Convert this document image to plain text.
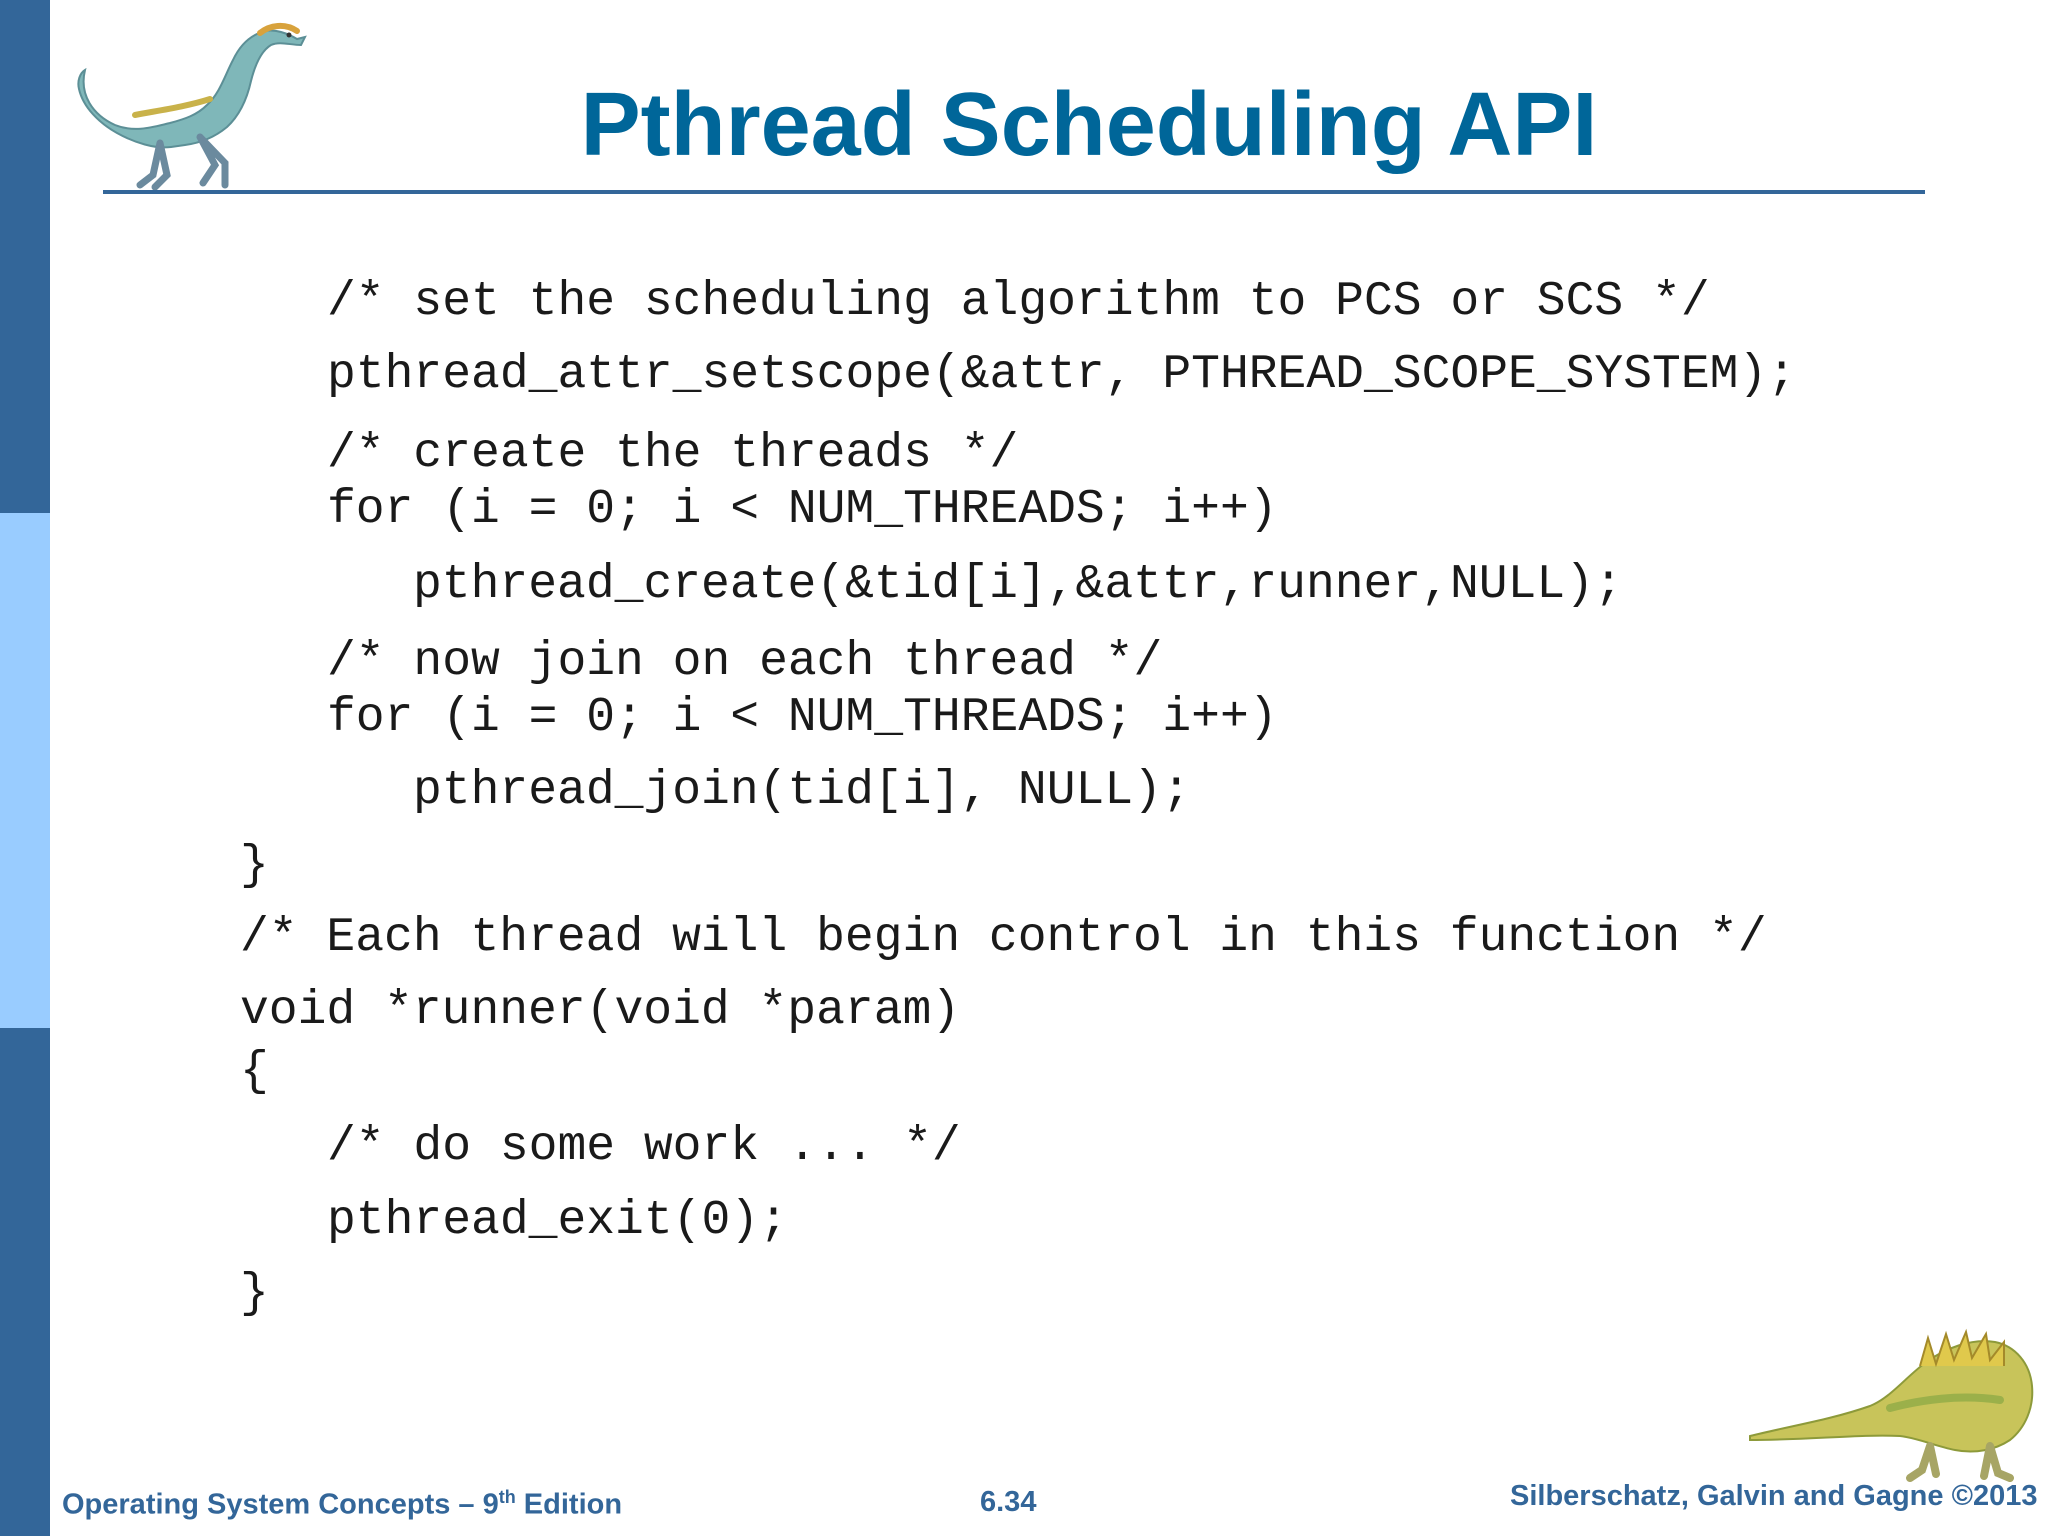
Pthread Scheduling API
/* set the scheduling algorithm to PCS or SCS */
pthread_attr_setscope(&attr, PTHREAD_SCOPE_SYSTEM);
/* create the threads */
for (i = 0; i < NUM_THREADS; i++)
pthread_create(&tid[i],&attr,runner,NULL);
/* now join on each thread */
for (i = 0; i < NUM_THREADS; i++)
pthread_join(tid[i], NULL);
}
/* Each thread will begin control in this function */
void *runner(void *param)
{
/* do some work ... */
pthread_exit(0);
}
Operating System Concepts – 9th Edition	6.34	Silberschatz, Galvin and Gagne ©2013
